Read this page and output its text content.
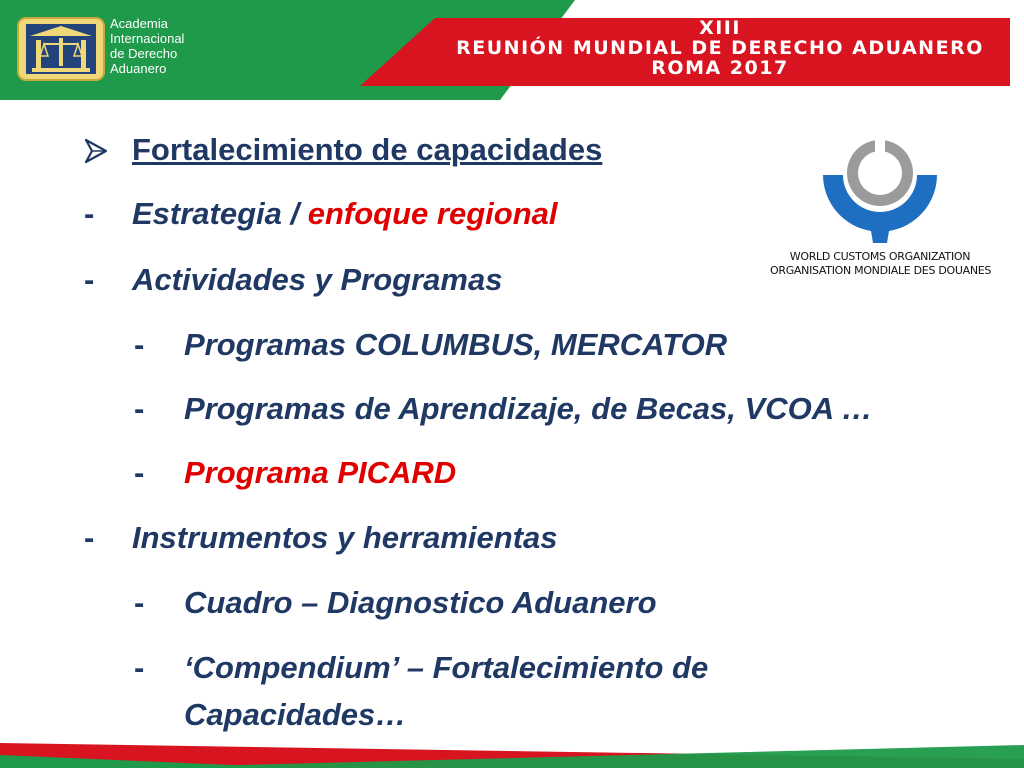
Academia
Internacional
de Derecho
Aduanero
XIII
REUNIÓN MUNDIAL DE DERECHO ADUANERO
ROMA 2017
WORLD CUSTOMS ORGANIZATION
ORGANISATION MONDIALE DES DOUANES
Fortalecimiento de capacidades
- Estrategia / enfoque regional
- Actividades y Programas
- Programas COLUMBUS, MERCATOR
- Programas de Aprendizaje, de Becas, VCOA …
- Programa PICARD
- Instrumentos y herramientas
- Cuadro – Diagnostico Aduanero
- ‘Compendium’ – Fortalecimiento de
Capacidades…
